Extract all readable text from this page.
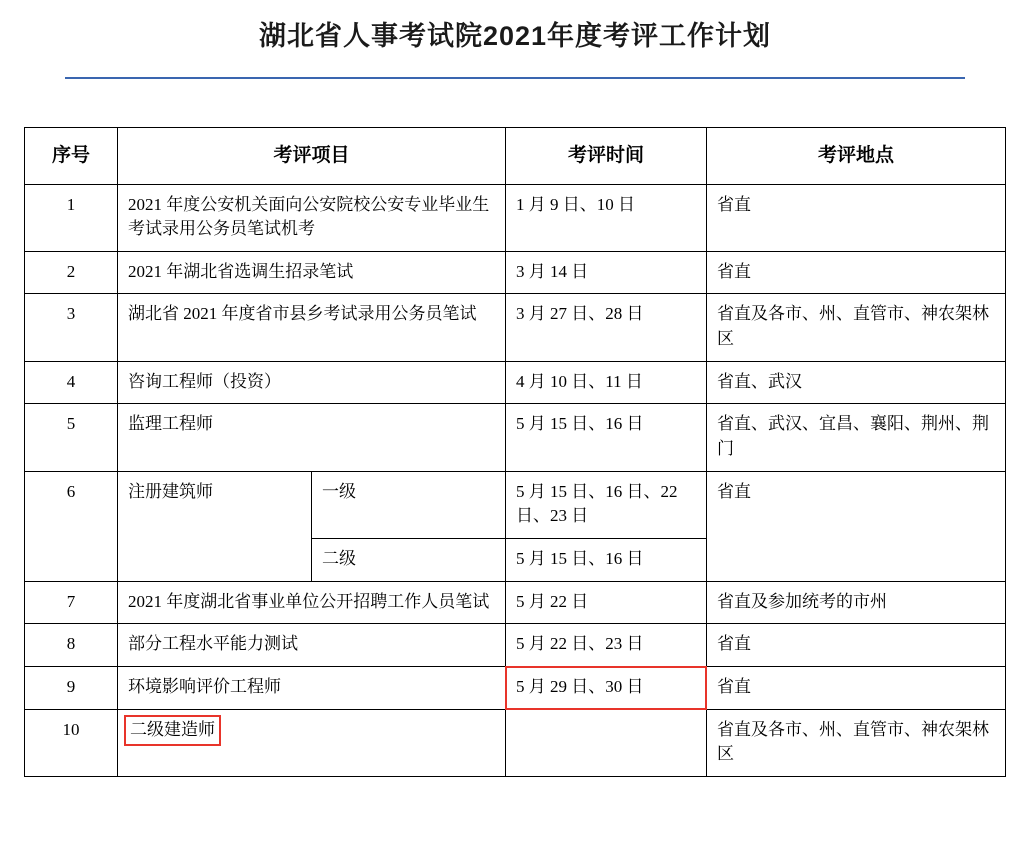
湖北省人事考试院2021年度考评工作计划
序号	考评项目		考评时间	考评地点
1	2021 年度公安机关面向公安院校公安专业毕业生考试录用公务员笔试机考		1 月 9 日、10 日	省直
2	2021 年湖北省选调生招录笔试		3 月 14 日	省直
3	湖北省 2021 年度省市县乡考试录用公务员笔试		3 月 27 日、28 日	省直及各市、州、直管市、神农架林区
4	咨询工程师（投资）		4 月 10 日、11 日	省直、武汉
5	监理工程师		5 月 15 日、16 日	省直、武汉、宜昌、襄阳、荆州、荆门
6	注册建筑师	一级	5 月 15 日、16 日、22 日、23 日	省直
		二级	5 月 15 日、16 日	
7	2021 年度湖北省事业单位公开招聘工作人员笔试		5 月 22 日	省直及参加统考的市州
8	部分工程水平能力测试		5 月 22 日、23 日	省直
9	环境影响评价工程师		5 月 29 日、30 日	省直
10	二级建造师			省直及各市、州、直管市、神农架林区
